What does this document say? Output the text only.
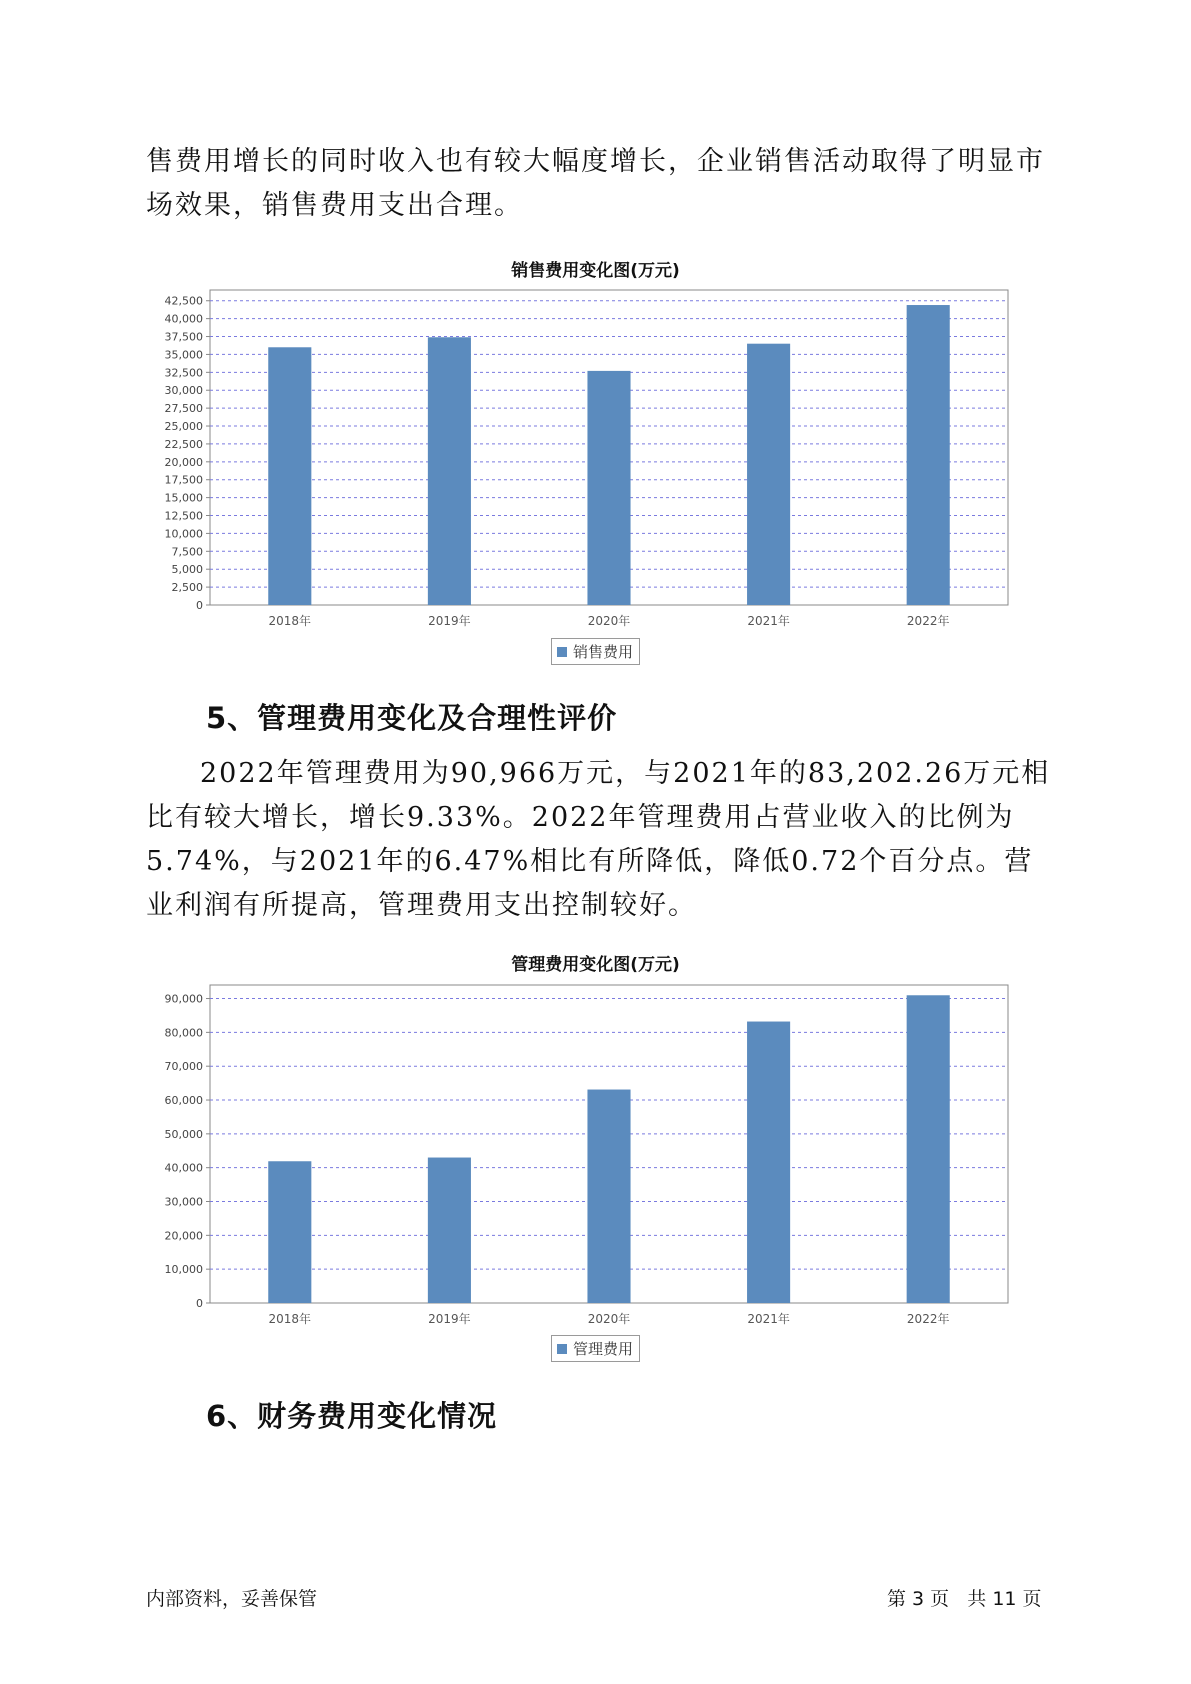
售费用增长的同时收入也有较大幅度增长，企业销售活动取得了明显市场效果，销售费用支出合理。

销售费用变化图(万元)
0
2,500
5,000
7,500
10,000
12,500
15,000
17,500
20,000
22,500
25,000
27,500
30,000
32,500
35,000
37,500
40,000
42,500
2018年	2019年	2020年	2021年	2022年
销售费用
5、管理费用变化及合理性评价

2022年管理费用为90,966万元，与2021年的83,202.26万元相比有较大增长，增长9.33%。2022年管理费用占营业收入的比例为5.74%，与2021年的6.47%相比有所降低，降低0.72个百分点。营业利润有所提高，管理费用支出控制较好。

管理费用变化图(万元)
0
10,000
20,000
30,000
40,000
50,000
60,000
70,000
80,000
90,000
2018年	2019年	2020年	2021年	2022年
管理费用
6、财务费用变化情况
内部资料，妥善保管	第 3 页   共 11 页
